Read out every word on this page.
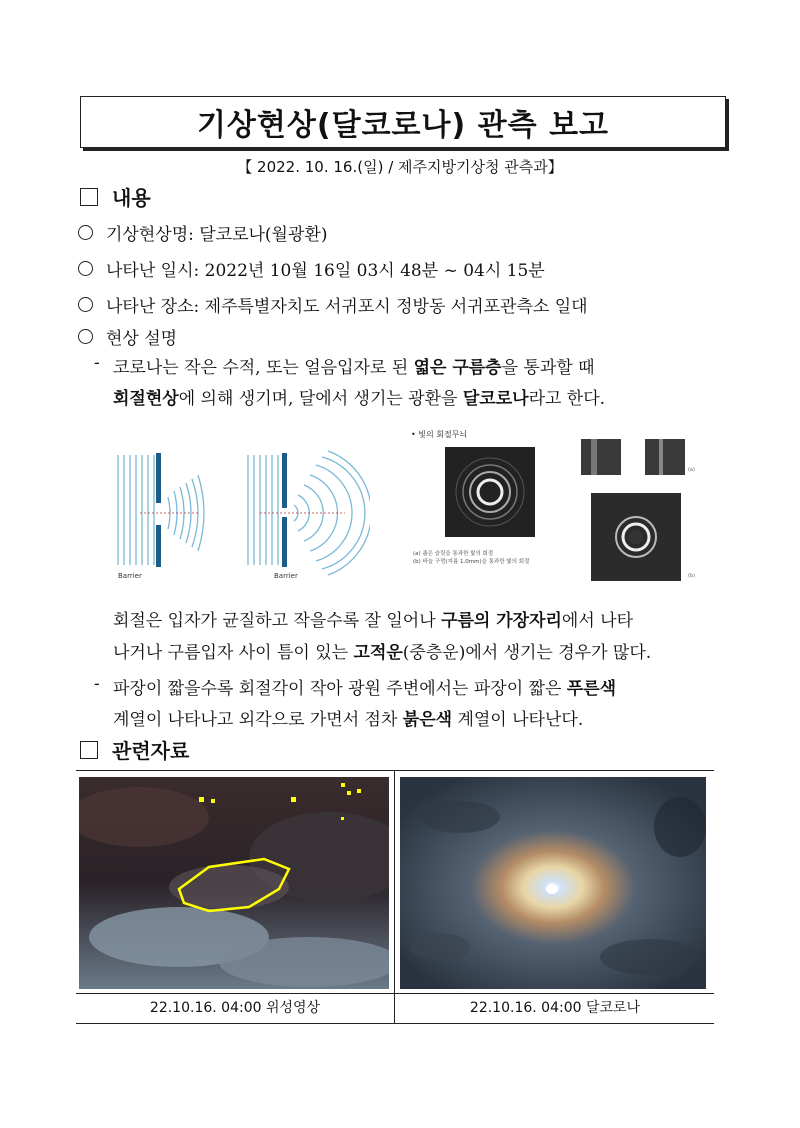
기상현상(달코로나) 관측 보고
【 2022. 10. 16.(일) / 제주지방기상청 관측과】
내용
기상현상명: 달코로나(월광환)
나타난 일시: 2022년 10월 16일 03시 48분 ~ 04시 15분
나타난 장소: 제주특별자치도 서귀포시 정방동 서귀포관측소 일대
현상 설명
- 코로나는 작은 수적, 또는 얼음입자로 된 엷은 구름층을 통과할 때
회절현상에 의해 생기며, 달에서 생기는 광환을 달코로나라고 한다.
Barrier	Barrier
• 빛의 회절무늬
(a) 좁은 슬릿을 통과한 빛의 회절
(b) 바늘 구멍(지름 1.0mm)을 통과한 빛의 회절
(a)
(b)
회절은 입자가 균질하고 작을수록 잘 일어나 구름의 가장자리에서 나타
나거나 구름입자 사이 틈이 있는 고적운(중층운)에서 생기는 경우가 많다.
- 파장이 짧을수록 회절각이 작아 광원 주변에서는 파장이 짧은 푸른색
계열이 나타나고 외각으로 가면서 점차 붉은색 계열이 나타난다.
관련자료
22.10.16. 04:00 위성영상	22.10.16. 04:00 달코로나
